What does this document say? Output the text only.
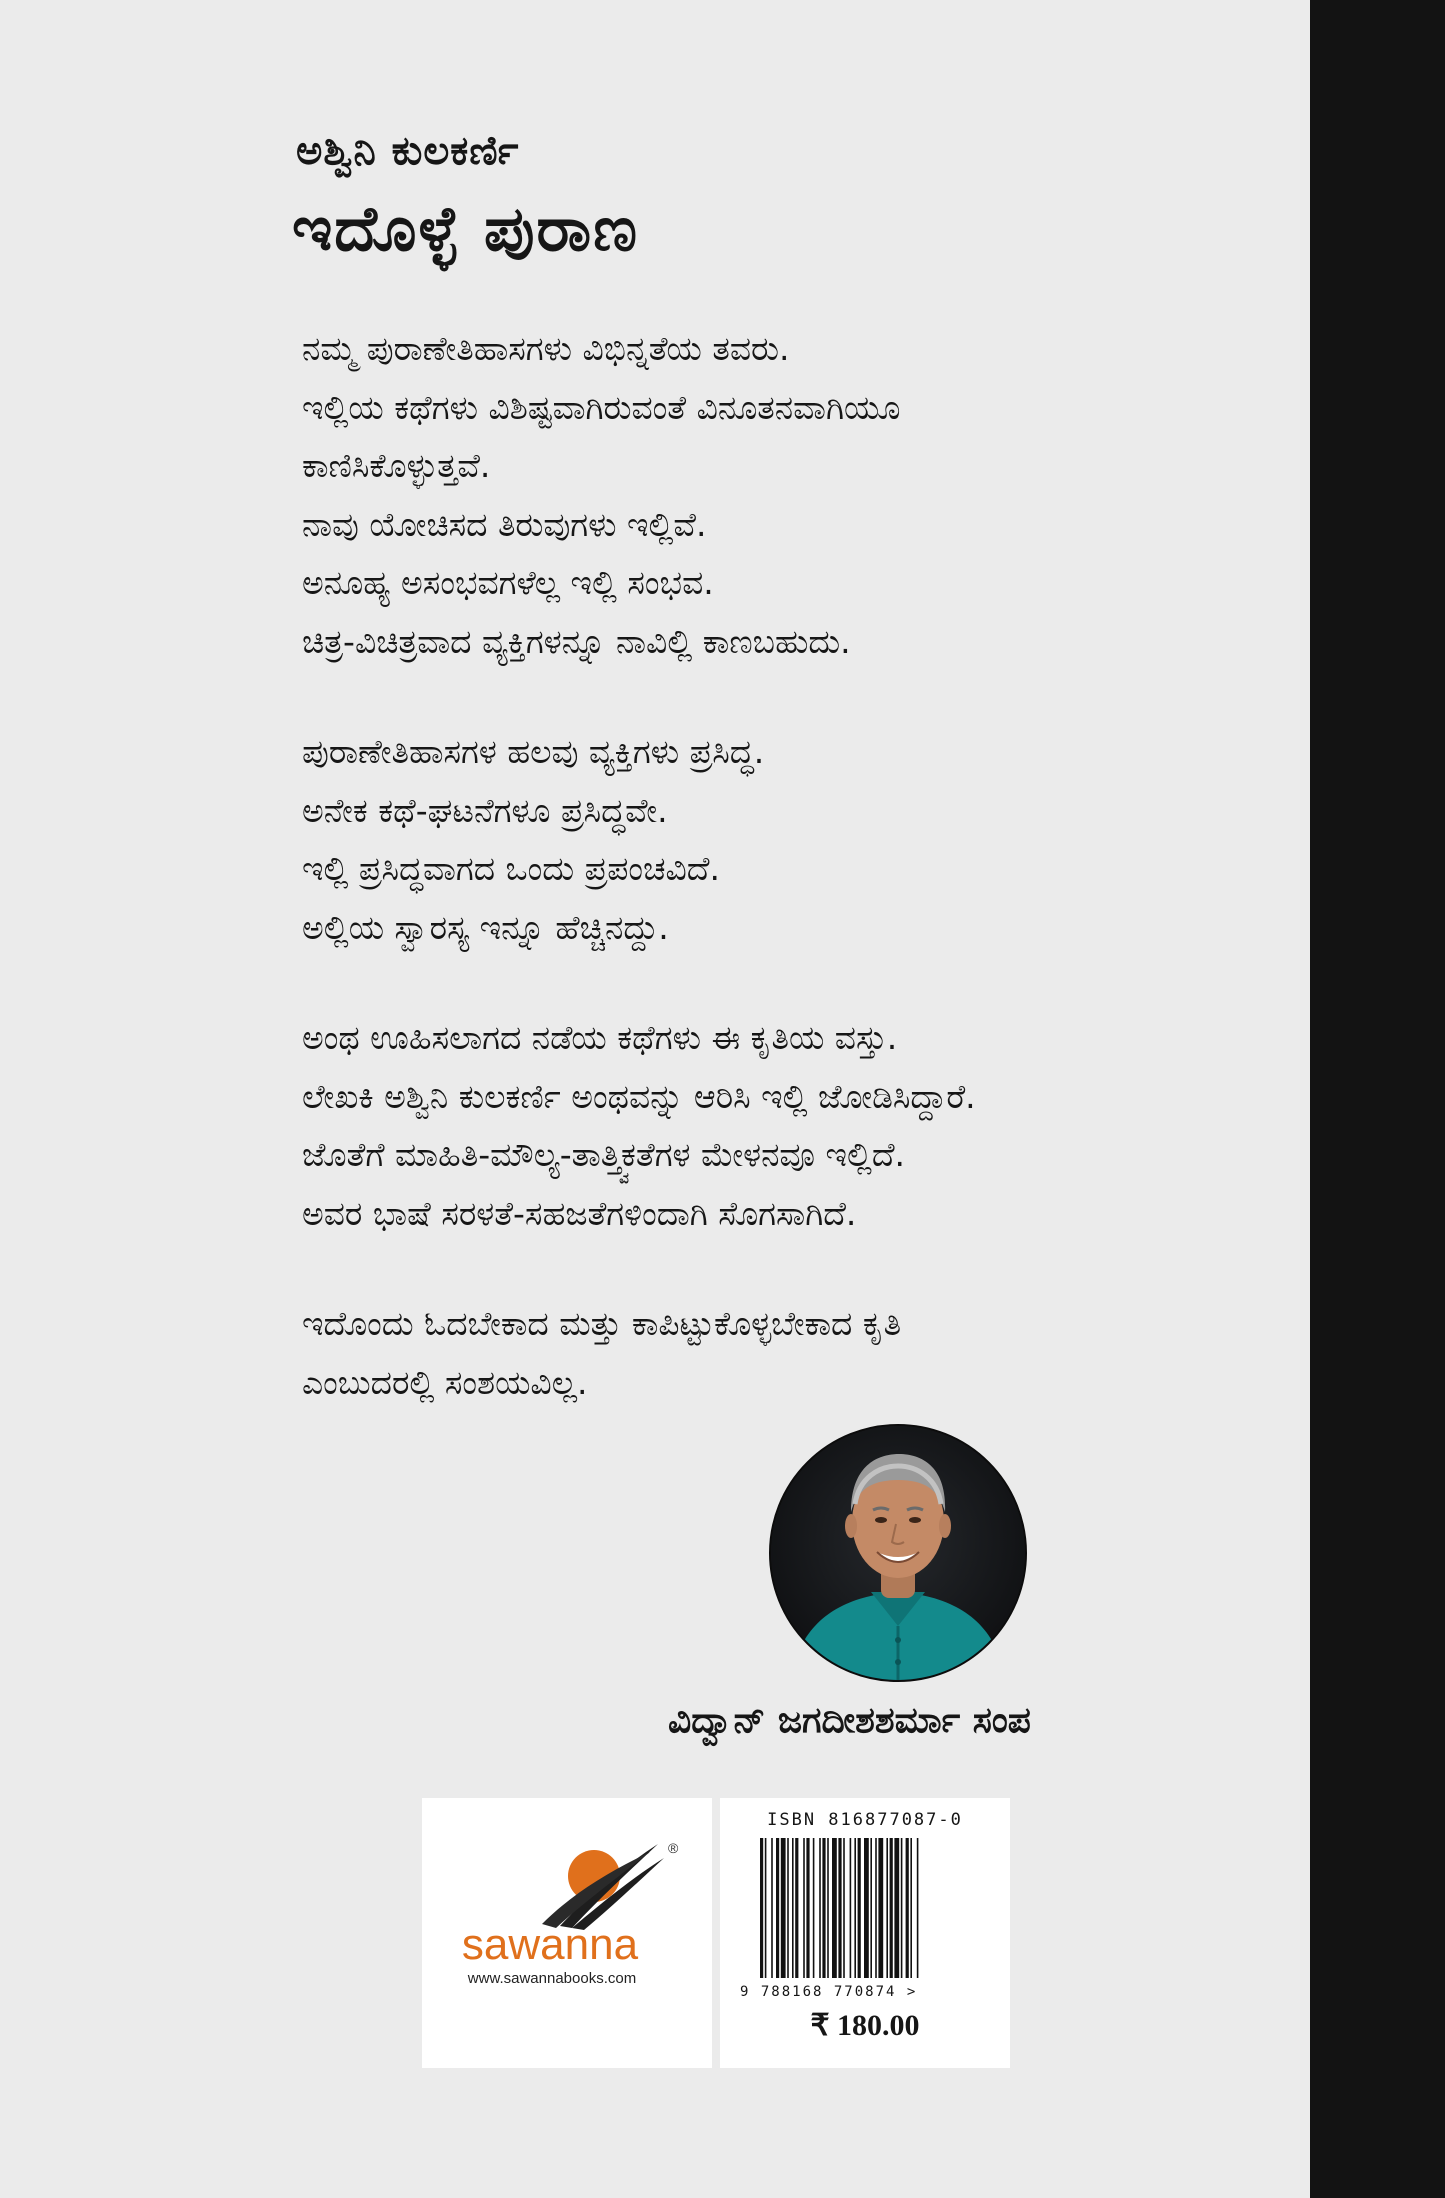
ಅಶ್ವಿನಿ ಕುಲಕರ್ಣಿ
ಇದೊಳ್ಳೆ ಪುರಾಣ
ನಮ್ಮ ಪುರಾಣೇತಿಹಾಸಗಳು ವಿಭಿನ್ನತೆಯ ತವರು.
ಇಲ್ಲಿಯ ಕಥೆಗಳು ವಿಶಿಷ್ಟವಾಗಿರುವಂತೆ ವಿನೂತನವಾಗಿಯೂ
ಕಾಣಿಸಿಕೊಳ್ಳುತ್ತವೆ.
ನಾವು ಯೋಚಿಸದ ತಿರುವುಗಳು ಇಲ್ಲಿವೆ.
ಅನೂಹ್ಯ ಅಸಂಭವಗಳೆಲ್ಲ ಇಲ್ಲಿ ಸಂಭವ.
ಚಿತ್ರ-ವಿಚಿತ್ರವಾದ ವ್ಯಕ್ತಿಗಳನ್ನೂ ನಾವಿಲ್ಲಿ ಕಾಣಬಹುದು.
ಪುರಾಣೇತಿಹಾಸಗಳ ಹಲವು ವ್ಯಕ್ತಿಗಳು ಪ್ರಸಿದ್ಧ.
ಅನೇಕ ಕಥೆ-ಘಟನೆಗಳೂ ಪ್ರಸಿದ್ಧವೇ.
ಇಲ್ಲಿ ಪ್ರಸಿದ್ಧವಾಗದ ಒಂದು ಪ್ರಪಂಚವಿದೆ.
ಅಲ್ಲಿಯ ಸ್ವಾರಸ್ಯ ಇನ್ನೂ ಹೆಚ್ಚಿನದ್ದು.
ಅಂಥ ಊಹಿಸಲಾಗದ ನಡೆಯ ಕಥೆಗಳು ಈ ಕೃತಿಯ ವಸ್ತು.
ಲೇಖಕಿ ಅಶ್ವಿನಿ ಕುಲಕರ್ಣಿ ಅಂಥವನ್ನು ಆರಿಸಿ ಇಲ್ಲಿ ಜೋಡಿಸಿದ್ದಾರೆ.
ಜೊತೆಗೆ ಮಾಹಿತಿ-ಮೌಲ್ಯ-ತಾತ್ತ್ವಿಕತೆಗಳ ಮೇಳನವೂ ಇಲ್ಲಿದೆ.
ಅವರ ಭಾಷೆ ಸರಳತೆ-ಸಹಜತೆಗಳಿಂದಾಗಿ ಸೊಗಸಾಗಿದೆ.
ಇದೊಂದು ಓದಬೇಕಾದ ಮತ್ತು ಕಾಪಿಟ್ಟುಕೊಳ್ಳಬೇಕಾದ ಕೃತಿ
ಎಂಬುದರಲ್ಲಿ ಸಂಶಯವಿಲ್ಲ.
ವಿದ್ವಾನ್ ಜಗದೀಶಶರ್ಮಾ ಸಂಪ
®
sawanna
www.sawannabooks.com
ISBN 816877087-0
9 788168 770874 >
₹ 180.00
